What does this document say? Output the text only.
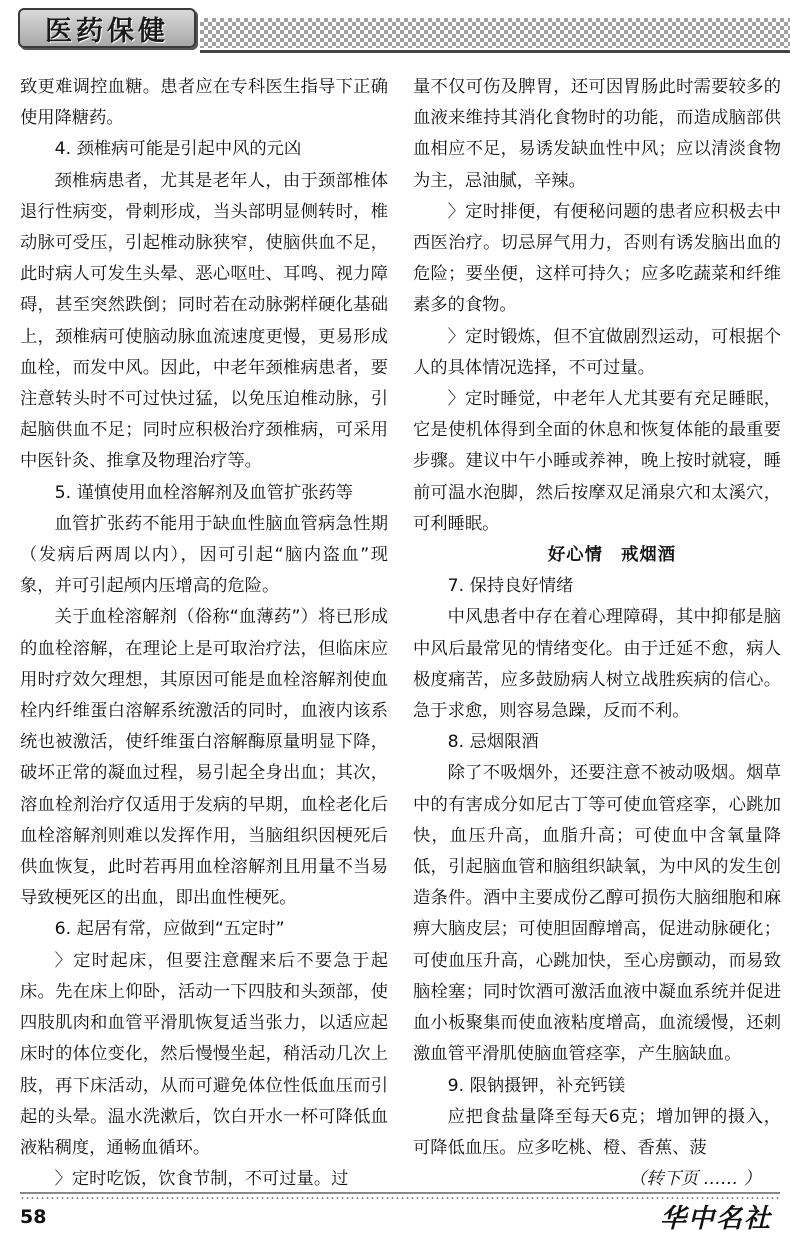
医药保健

致更难调控血糖。患者应在专科医生指导下正确使用降糖药。

4. 颈椎病可能是引起中风的元凶

颈椎病患者，尤其是老年人，由于颈部椎体退行性病变，骨刺形成，当头部明显侧转时，椎动脉可受压，引起椎动脉狭窄，使脑供血不足，此时病人可发生头晕、恶心呕吐、耳鸣、视力障碍，甚至突然跌倒；同时若在动脉粥样硬化基础上，颈椎病可使脑动脉血流速度更慢，更易形成血栓，而发中风。因此，中老年颈椎病患者，要注意转头时不可过快过猛，以免压迫椎动脉，引起脑供血不足；同时应积极治疗颈椎病，可采用中医针灸、推拿及物理治疗等。

5. 谨慎使用血栓溶解剂及血管扩张药等

血管扩张药不能用于缺血性脑血管病急性期（发病后两周以内），因可引起“脑内盗血”现象，并可引起颅内压增高的危险。

关于血栓溶解剂（俗称“血薄药”）将已形成的血栓溶解，在理论上是可取治疗法，但临床应用时疗效欠理想，其原因可能是血栓溶解剂使血栓内纤维蛋白溶解系统激活的同时，血液内该系统也被激活，使纤维蛋白溶解酶原量明显下降，破坏正常的凝血过程，易引起全身出血；其次，溶血栓剂治疗仅适用于发病的早期，血栓老化后血栓溶解剂则难以发挥作用，当脑组织因梗死后供血恢复，此时若再用血栓溶解剂且用量不当易导致梗死区的出血，即出血性梗死。

6. 起居有常，应做到“五定时”

〉定时起床，但要注意醒来后不要急于起床。先在床上仰卧，活动一下四肢和头颈部，使四肢肌肉和血管平滑肌恢复适当张力，以适应起床时的体位变化，然后慢慢坐起，稍活动几次上肢，再下床活动，从而可避免体位性低血压而引起的头晕。温水洗漱后，饮白开水一杯可降低血液粘稠度，通畅血循环。

〉定时吃饭，饮食节制，不可过量。过

量不仅可伤及脾胃，还可因胃肠此时需要较多的血液来维持其消化食物时的功能，而造成脑部供血相应不足，易诱发缺血性中风；应以清淡食物为主，忌油腻，辛辣。

〉定时排便，有便秘问题的患者应积极去中西医治疗。切忌屏气用力，否则有诱发脑出血的危险；要坐便，这样可持久；应多吃蔬菜和纤维素多的食物。

〉定时锻炼，但不宜做剧烈运动，可根据个人的具体情况选择，不可过量。

〉定时睡觉，中老年人尤其要有充足睡眠，它是使机体得到全面的休息和恢复体能的最重要步骤。建议中午小睡或养神，晚上按时就寝，睡前可温水泡脚，然后按摩双足涌泉穴和太溪穴，可利睡眠。

好心情　戒烟酒

7. 保持良好情绪

中风患者中存在着心理障碍，其中抑郁是脑中风后最常见的情绪变化。由于迁延不愈，病人极度痛苦，应多鼓励病人树立战胜疾病的信心。急于求愈，则容易急躁，反而不利。

8. 忌烟限酒

除了不吸烟外，还要注意不被动吸烟。烟草中的有害成分如尼古丁等可使血管痉挛，心跳加快，血压升高，血脂升高；可使血中含氧量降低，引起脑血管和脑组织缺氧，为中风的发生创造条件。酒中主要成份乙醇可损伤大脑细胞和麻痹大脑皮层；可使胆固醇增高，促进动脉硬化；可使血压升高，心跳加快，至心房颤动，而易致脑栓塞；同时饮酒可激活血液中凝血系统并促进血小板聚集而使血液粘度增高，血流缓慢，还刺激血管平滑肌使脑血管痉挛，产生脑缺血。

9. 限钠摄钾，补充钙镁

应把食盐量降至每天6克；增加钾的摄入，可降低血压。应多吃桃、橙、香蕉、菠

（转下页 …… ）

58	华中名社
